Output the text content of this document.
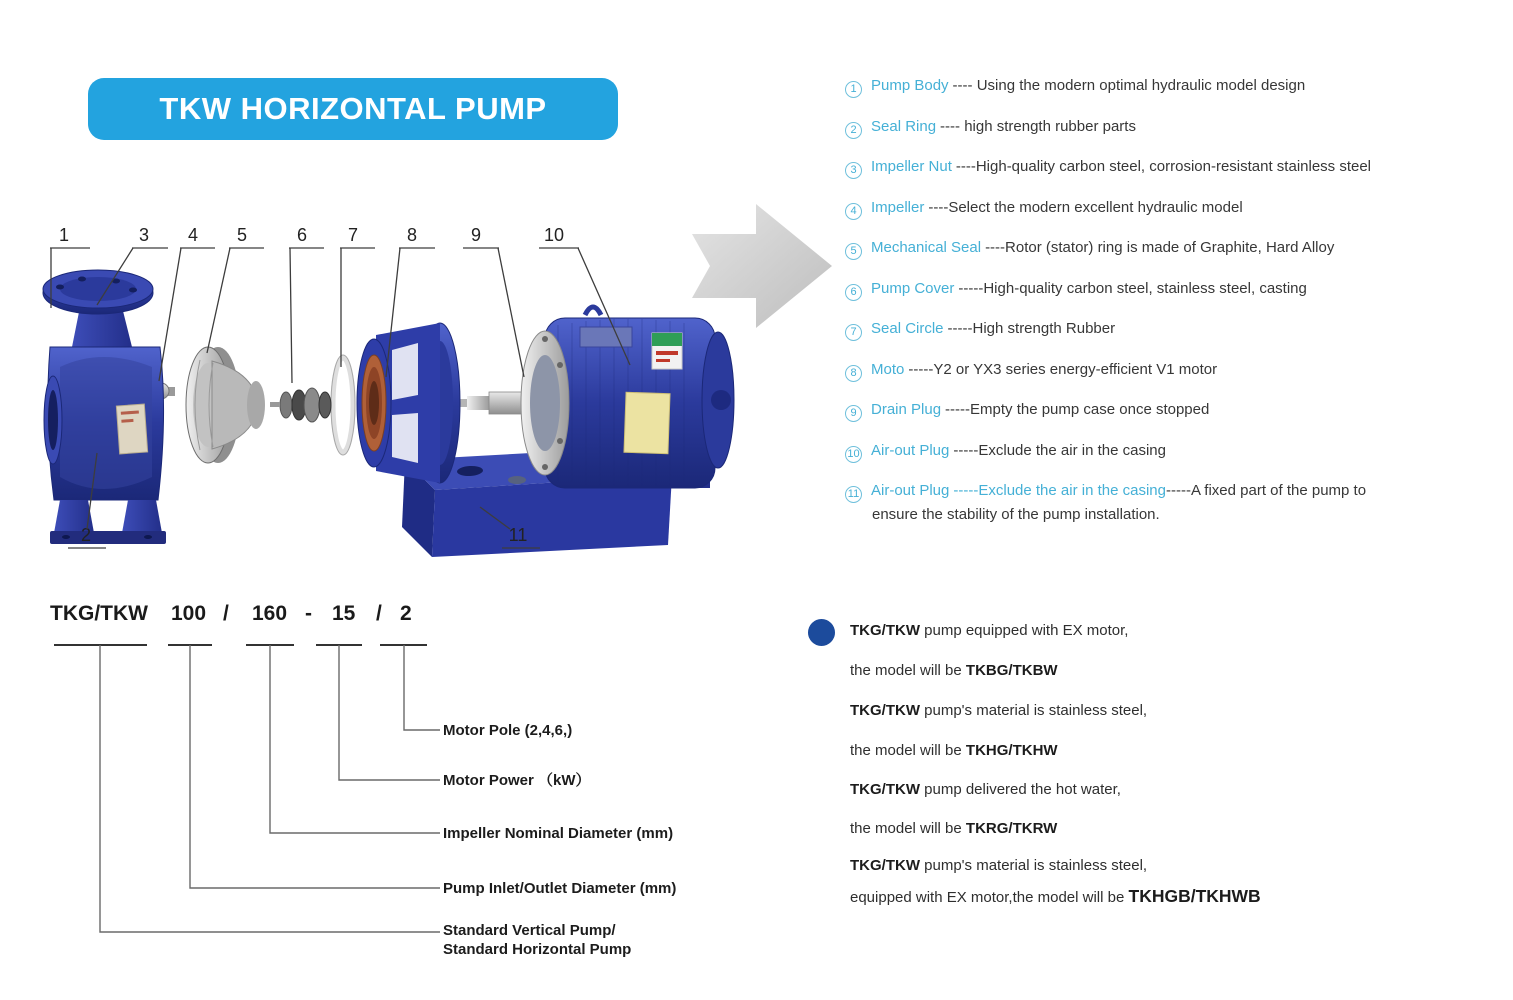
TKW HORIZONTAL PUMP
1
2
3 4 5	6 7	8	9	10
11
1 Pump Body ---- Using the modern optimal hydraulic model design
2 Seal Ring ---- high strength rubber parts
3 Impeller Nut ----High-quality carbon steel, corrosion-resistant stainless steel
4 Impeller ----Select the modern excellent hydraulic model
5 Mechanical Seal ----Rotor (stator) ring is made of Graphite, Hard Alloy
6 Pump Cover -----High-quality carbon steel, stainless steel, casting
7 Seal Circle -----High strength Rubber
8 Moto -----Y2 or YX3 series energy-efficient V1 motor
9 Drain Plug -----Empty the pump case once stopped
10 Air-out Plug -----Exclude the air in the casing
11 Air-out Plug -----Exclude the air in the casing-----A fixed part of the pump to
ensure the stability of the pump installation.
TKG/TKW 100 / 160 - 15 / 2
Motor Pole (2,4,6,)
Motor Power （kW）
Impeller Nominal Diameter (mm)
Pump Inlet/Outlet Diameter (mm)
Standard Vertical Pump/
Standard Horizontal Pump
TKG/TKW pump equipped with EX motor,
the model will be TKBG/TKBW
TKG/TKW pump's material is stainless steel,
the model will be TKHG/TKHW
TKG/TKW pump delivered the hot water,
the model will be TKRG/TKRW
TKG/TKW pump's material is stainless steel,
equipped with EX motor,the model will be TKHGB/TKHWB
